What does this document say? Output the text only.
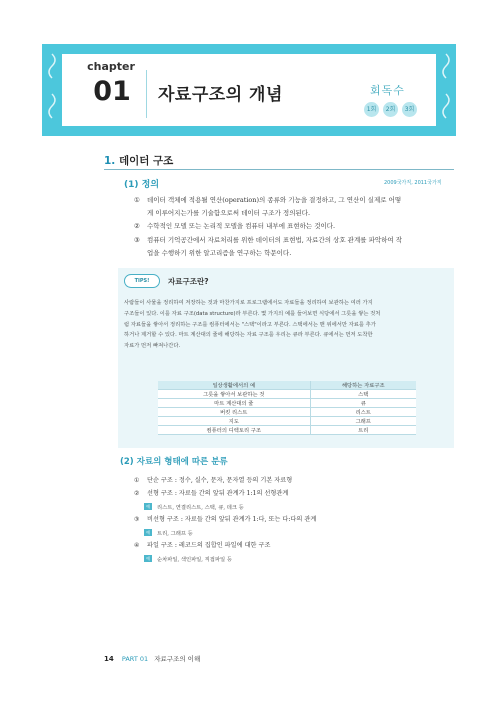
chapter
01	자료구조의 개념	회독수
1회	2회	3회
1. 데이터 구조
(1) 정의	2009국가직, 2011국가직
①	데이터 객체에 적용될 연산(operation)의 종류와 기능을 결정하고, 그 연산이 실제로 어떻
게 이루어지는가를 기술함으로써 데이터 구조가 정의된다.
②	수학적인 모델 또는 논리적 모델을 컴퓨터 내부에 표현하는 것이다.
③	컴퓨터 기억공간에서 자료처리를 위한 데이터의 표현법, 자료간의 상호 관계를 파악하여 작
업을 수행하기 위한 알고리즘을 연구하는 학문이다.
TIPS!	자료구조란?
사람들이 사물을 정리하여 저장하는 것과 마찬가지로 프로그램에서도 자료들을 정리하여 보관하는 여러 가지
구조들이 있다. 이를 자료 구조(data structure)라 부른다. 몇 가지의 예를 들어보면 식당에서 그릇을 쌓는 것처
럼 자료들을 쌓아서 정리하는 구조를 컴퓨터에서는 "스택"이라고 부른다. 스택에서는 맨 위에서만 자료를 추가
하거나 제거할 수 있다. 마트 계산대의 줄에 해당하는 자료 구조를 우리는 큐라 부른다. 큐에서는 먼저 도착한
자료가 먼저 빠져나간다.
일상생활에서의 예	해당하는 자료구조
그릇을 쌓아서 보관하는 것	스택
마트 계산대의 줄	큐
버킷 리스트	리스트
지도	그래프
컴퓨터의 디렉토리 구조	트리
(2) 자료의 형태에 따른 분류
①	단순 구조 : 정수, 실수, 문자, 문자열 등의 기본 자료형
②	선형 구조 : 자료들 간의 앞뒤 관계가 1:1의 선형관계
예	리스트, 연결리스트, 스택, 큐, 데크 등
③	비선형 구조 : 자료들 간의 앞뒤 관계가 1:다, 또는 다:다의 관계
예	트리, 그래프 등
④	파일 구조 : 레코드의 집합인 파일에 대한 구조
예	순차파일, 색인파일, 직접파일 등
14 PART 01 자료구조의 이해
